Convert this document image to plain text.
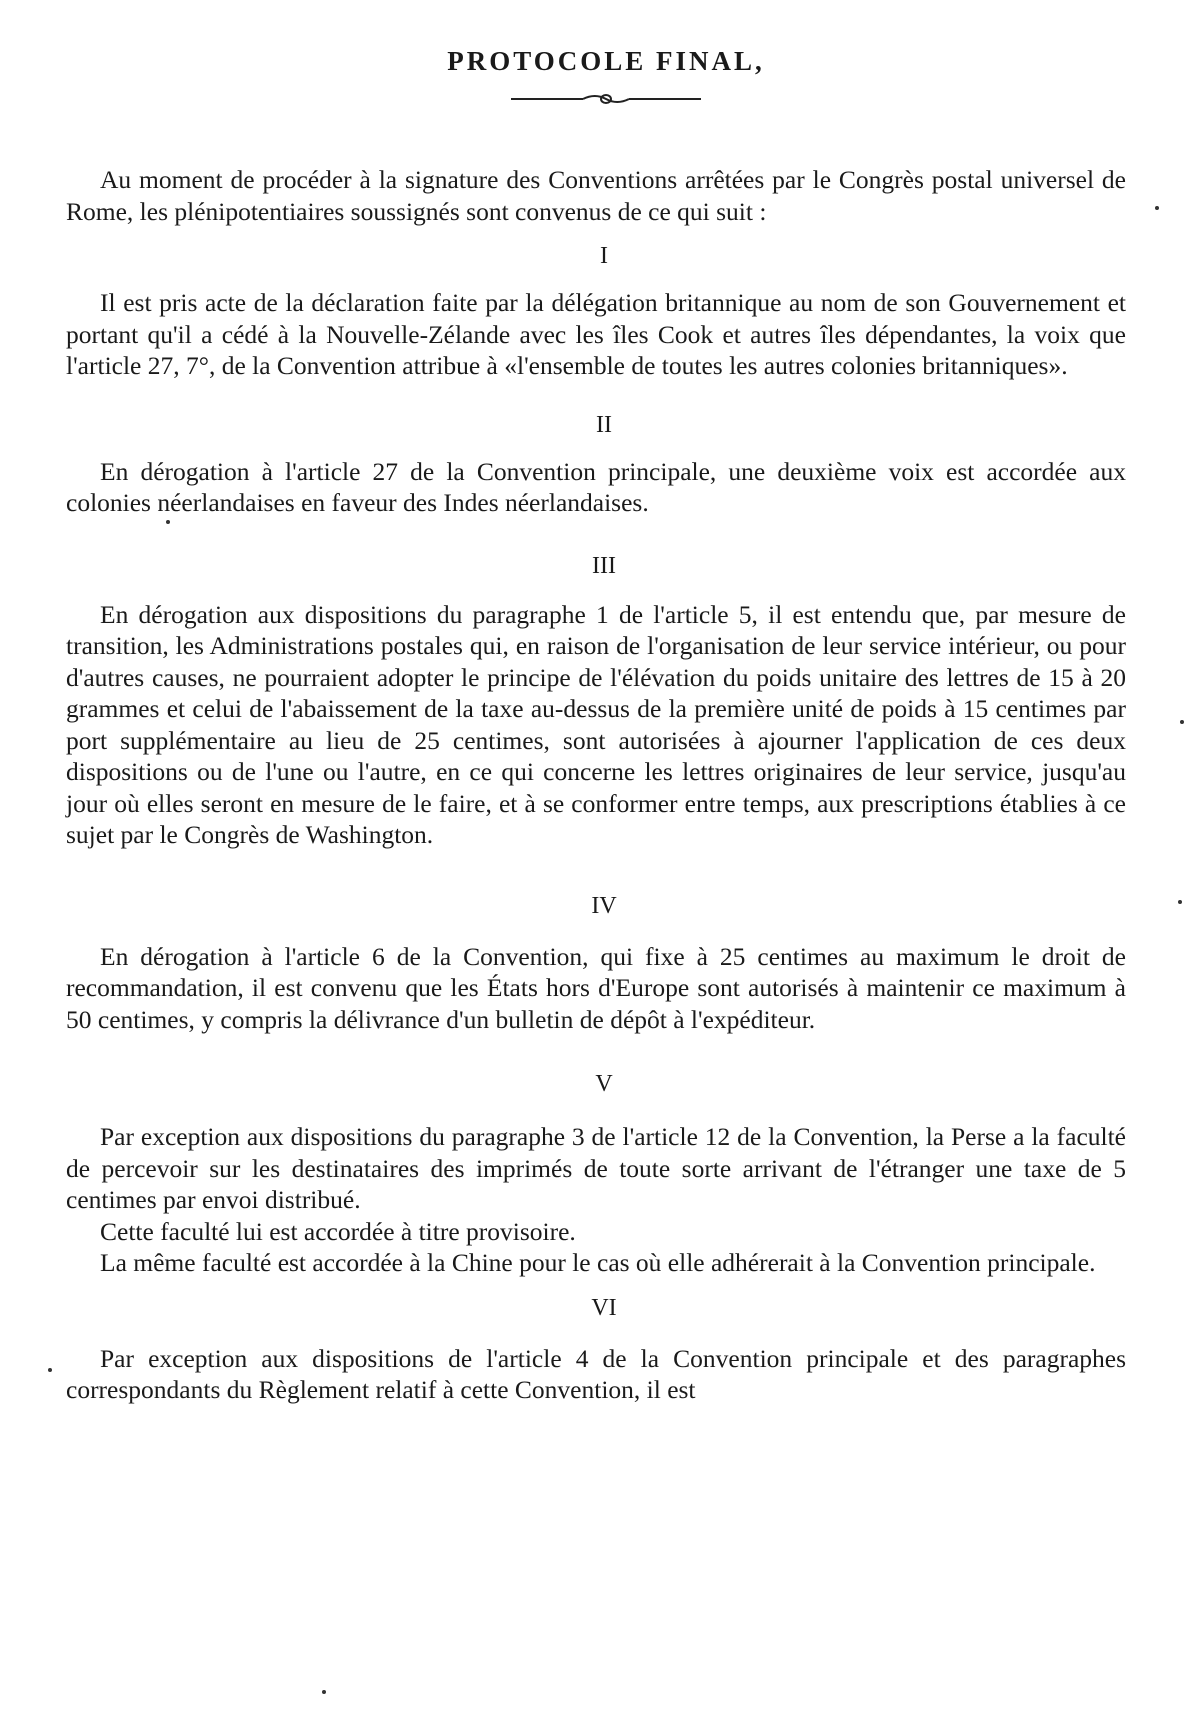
PROTOCOLE FINAL,

Au moment de procéder à la signature des Conventions arrêtées par le Congrès postal universel de Rome, les plénipotentiaires soussignés sont convenus de ce qui suit :

I

Il est pris acte de la déclaration faite par la délégation britannique au nom de son Gouvernement et portant qu'il a cédé à la Nouvelle-Zélande avec les îles Cook et autres îles dépendantes, la voix que l'article 27, 7°, de la Convention attribue à «l'ensemble de toutes les autres colonies britanniques».

II

En dérogation à l'article 27 de la Convention principale, une deuxième voix est accordée aux colonies néerlandaises en faveur des Indes néerlandaises.

III

En dérogation aux dispositions du paragraphe 1 de l'article 5, il est entendu que, par mesure de transition, les Administrations postales qui, en raison de l'organisation de leur service intérieur, ou pour d'autres causes, ne pourraient adopter le principe de l'élévation du poids unitaire des lettres de 15 à 20 grammes et celui de l'abaissement de la taxe au-dessus de la première unité de poids à 15 centimes par port supplémentaire au lieu de 25 centimes, sont autorisées à ajourner l'application de ces deux dispositions ou de l'une ou l'autre, en ce qui concerne les lettres originaires de leur service, jusqu'au jour où elles seront en mesure de le faire, et à se conformer entre temps, aux prescriptions établies à ce sujet par le Congrès de Washington.

IV

En dérogation à l'article 6 de la Convention, qui fixe à 25 centimes au maximum le droit de recommandation, il est convenu que les États hors d'Europe sont autorisés à maintenir ce maximum à 50 centimes, y compris la délivrance d'un bulletin de dépôt à l'expéditeur.

V

Par exception aux dispositions du paragraphe 3 de l'article 12 de la Convention, la Perse a la faculté de percevoir sur les destinataires des imprimés de toute sorte arrivant de l'étranger une taxe de 5 centimes par envoi distribué.

Cette faculté lui est accordée à titre provisoire.

La même faculté est accordée à la Chine pour le cas où elle adhérerait à la Convention principale.

VI

Par exception aux dispositions de l'article 4 de la Convention principale et des paragraphes correspondants du Règlement relatif à cette Convention, il est
